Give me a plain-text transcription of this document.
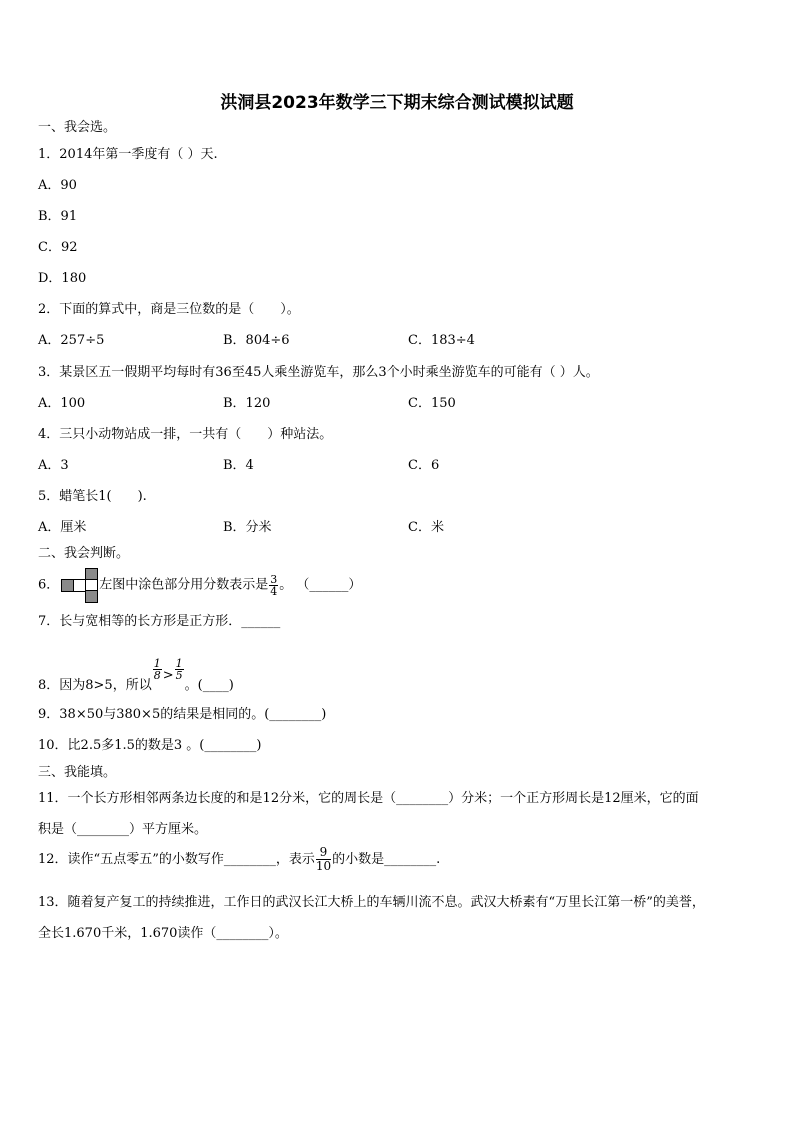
洪洞县2023年数学三下期末综合测试模拟试题
一、我会选。
1．2014年第一季度有（ ）天.
A．90
B．91
C．92
D．180
2．下面的算式中，商是三位数的是（　　）。
A．257÷5	B．804÷6	C．183÷4
3．某景区五一假期平均每时有36至45人乘坐游览车，那么3个小时乘坐游览车的可能有（ ）人。
A．100	B．120	C．150
4．三只小动物站成一排，一共有（　　）种站法。
A．3	B．4	C．6
5．蜡笔长1(　　).
A．厘米	B．分米	C．米
二、我会判断。
6．	左图中涂色部分用分数表示是 $\frac{3}{4}$ 。 （______）
7．长与宽相等的长方形是正方形．______
8．因为8>5，所以
$\frac{1}{8} > \frac{1}{5}$
。(____)
9．38×50与380×5的结果是相同的。(________)
10．比2.5多1.5的数是3 。(________)
三、我能填。
11．一个长方形相邻两条边长度的和是12分米，它的周长是（________）分米；一个正方形周长是12厘米，它的面
积是（________）平方厘米。
12．读作“五点零五”的小数写作________，表示 $\frac{9}{10}$ 的小数是________.
13．随着复产复工的持续推进，工作日的武汉长江大桥上的车辆川流不息。武汉大桥素有“万里长江第一桥”的美誉，
全长1.670千米，1.670读作（________）。
